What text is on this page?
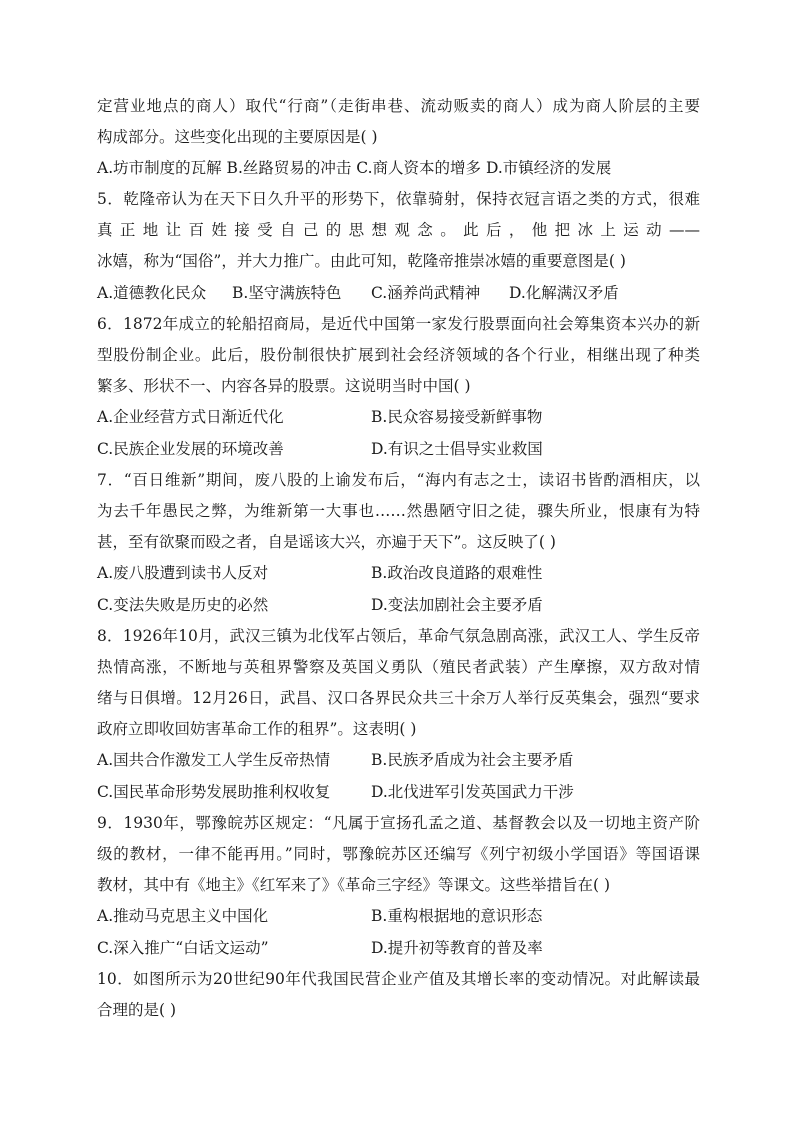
定营业地点的商人）取代“行商”（走街串巷、流动贩卖的商人）成为商人阶层的主要
构成部分。这些变化出现的主要原因是( )
A.坊市制度的瓦解 B.丝路贸易的冲击 C.商人资本的增多 D.市镇经济的发展
5．乾隆帝认为在天下日久升平的形势下，依靠骑射，保持衣冠言语之类的方式，很难
真正地让百姓接受自己的思想观念。此后，他把冰上运动——
冰嬉，称为“国俗”，并大力推广。由此可知，乾隆帝推崇冰嬉的重要意图是( )
A.道德教化民众 B.坚守满族特色 C.涵养尚武精神 D.化解满汉矛盾
6．1872年成立的轮船招商局，是近代中国第一家发行股票面向社会筹集资本兴办的新
型股份制企业。此后，股份制很快扩展到社会经济领域的各个行业，相继出现了种类
繁多、形状不一、内容各异的股票。这说明当时中国( )
A.企业经营方式日渐近代化	B.民众容易接受新鲜事物
C.民族企业发展的环境改善	D.有识之士倡导实业救国
7．“百日维新”期间，废八股的上谕发布后，“海内有志之士，读诏书皆酌酒相庆，以
为去千年愚民之弊，为维新第一大事也……然愚陋守旧之徒，骤失所业，恨康有为特
甚，至有欲聚而殴之者，自是谣该大兴，亦遍于天下”。这反映了( )
A.废八股遭到读书人反对	B.政治改良道路的艰难性
C.变法失败是历史的必然	D.变法加剧社会主要矛盾
8．1926年10月，武汉三镇为北伐军占领后，革命气氛急剧高涨，武汉工人、学生反帝
热情高涨，不断地与英租界警察及英国义勇队（殖民者武装）产生摩擦，双方敌对情
绪与日俱增。12月26日，武昌、汉口各界民众共三十余万人举行反英集会，强烈“要求
政府立即收回妨害革命工作的租界”。这表明( )
A.国共合作激发工人学生反帝热情	B.民族矛盾成为社会主要矛盾
C.国民革命形势发展助推利权收复	D.北伐进军引发英国武力干涉
9．1930年，鄂豫皖苏区规定：“凡属于宣扬孔孟之道、基督教会以及一切地主资产阶
级的教材，一律不能再用。”同时，鄂豫皖苏区还编写《列宁初级小学国语》等国语课
教材，其中有《地主》《红军来了》《革命三字经》等课文。这些举措旨在( )
A.推动马克思主义中国化	B.重构根据地的意识形态
C.深入推广“白话文运动”	D.提升初等教育的普及率
10．如图所示为20世纪90年代我国民营企业产值及其增长率的变动情况。对此解读最
合理的是( )
